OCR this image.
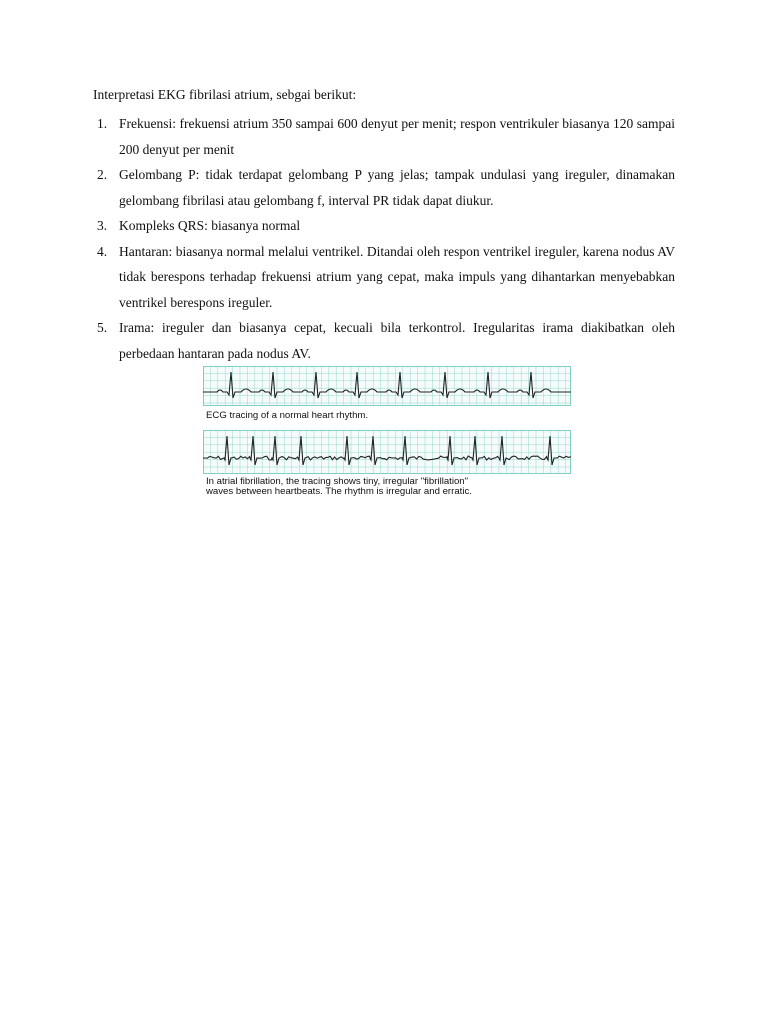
Interpretasi EKG fibrilasi atrium, sebgai berikut:
1. Frekuensi: frekuensi atrium 350 sampai 600 denyut per menit; respon ventrikuler biasanya 120 sampai 200 denyut per menit
2. Gelombang P: tidak terdapat gelombang P yang jelas; tampak undulasi yang ireguler, dinamakan gelombang fibrilasi atau gelombang f, interval PR tidak dapat diukur.
3. Kompleks QRS: biasanya normal
4. Hantaran: biasanya normal melalui ventrikel. Ditandai oleh respon ventrikel ireguler, karena nodus AV tidak berespons terhadap frekuensi atrium yang cepat, maka impuls yang dihantarkan menyebabkan ventrikel berespons ireguler.
5. Irama: ireguler dan biasanya cepat, kecuali bila terkontrol. Iregularitas irama diakibatkan oleh perbedaan hantaran pada nodus AV.
ECG tracing of a normal heart rhythm.
In atrial fibrillation, the tracing shows tiny, irregular "fibrillation"
waves between heartbeats. The rhythm is irregular and erratic.
